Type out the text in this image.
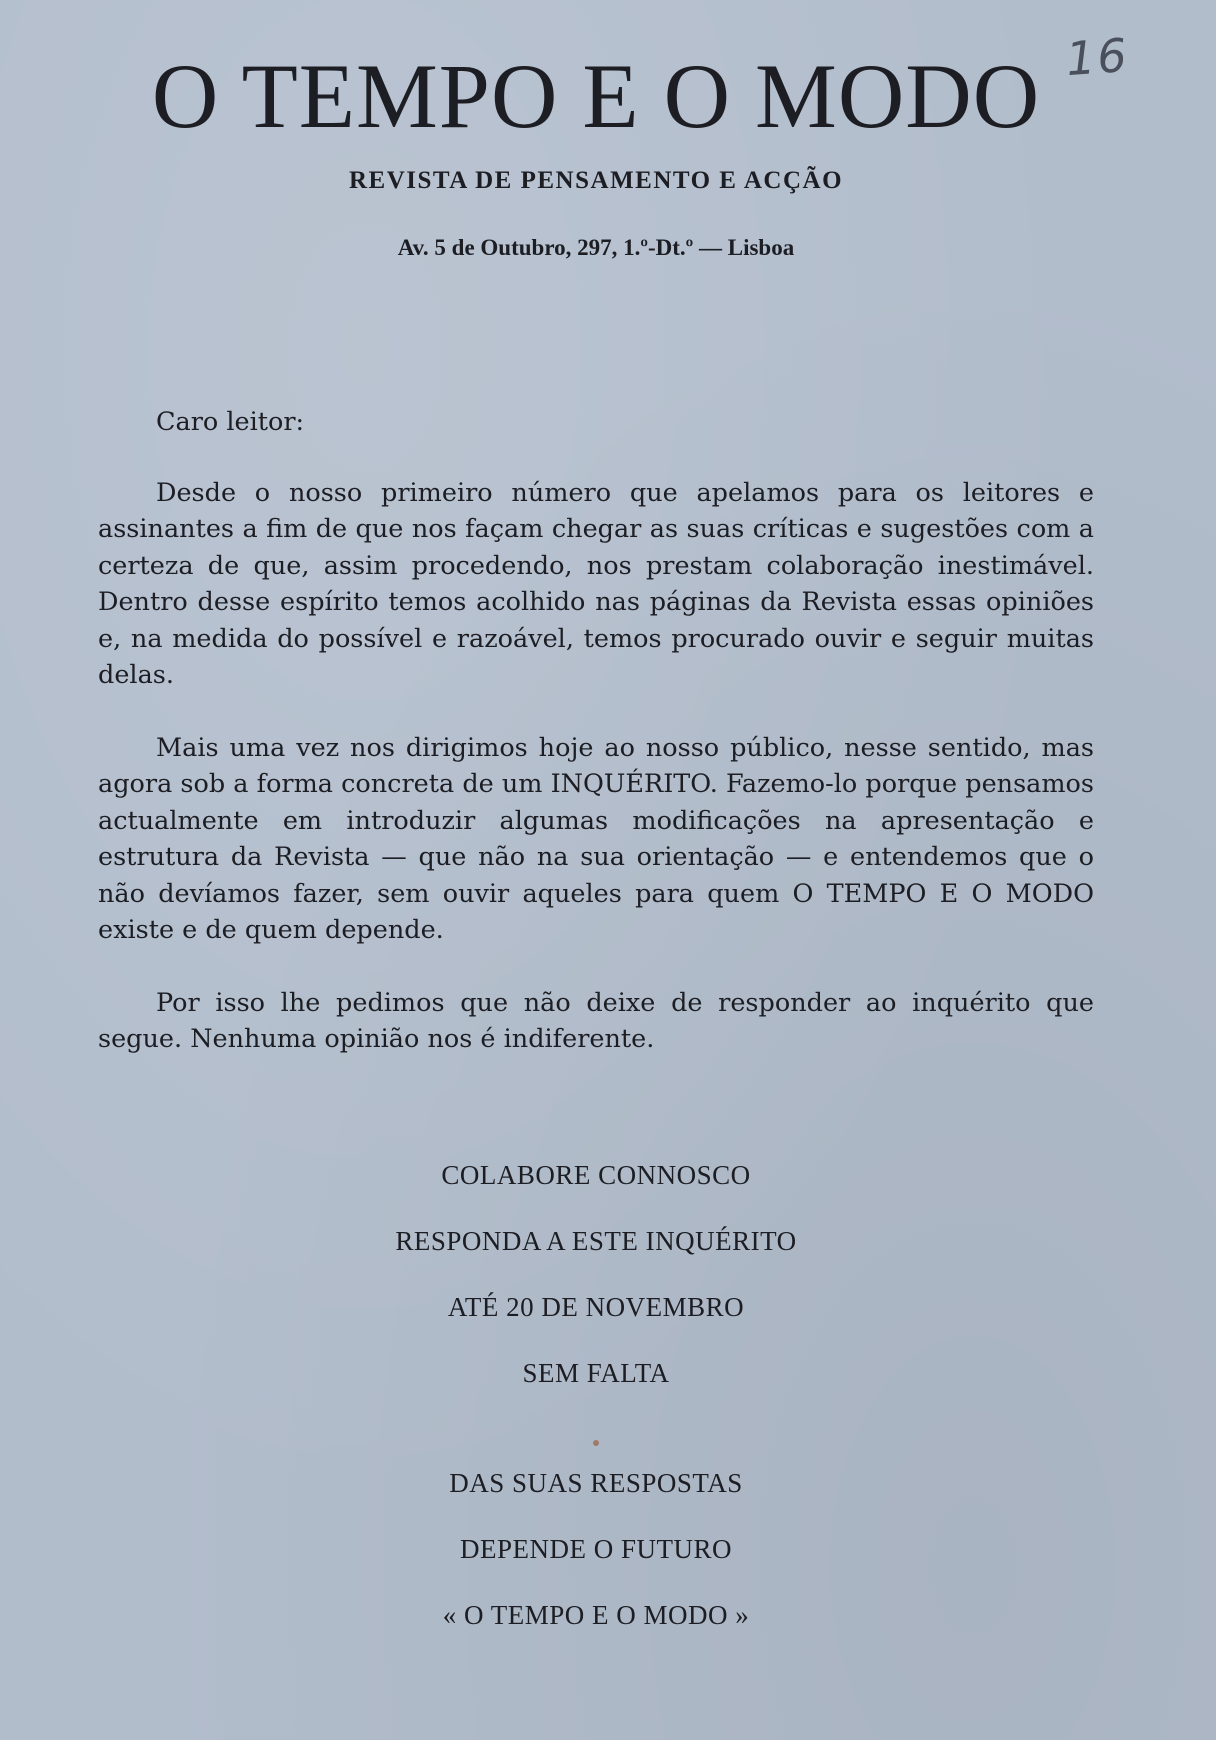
16
O TEMPO E O MODO
REVISTA DE PENSAMENTO E ACÇÃO
Av. 5 de Outubro, 297, 1.º-Dt.º — Lisboa
Caro leitor:

Desde o nosso primeiro número que apelamos para os leitores e assinantes a fim de que nos façam chegar as suas críticas e sugestões com a certeza de que, assim procedendo, nos prestam colaboração inestimável. Dentro desse espírito temos acolhido nas páginas da Revista essas opiniões e, na medida do possível e razoável, temos procurado ouvir e seguir muitas delas.

Mais uma vez nos dirigimos hoje ao nosso público, nesse sentido, mas agora sob a forma concreta de um INQUÉRITO. Fazemo-lo porque pensamos actualmente em introduzir algumas modificações na apresentação e estrutura da Revista — que não na sua orientação — e entendemos que o não devíamos fazer, sem ouvir aqueles para quem O TEMPO E O MODO existe e de quem depende.

Por isso lhe pedimos que não deixe de responder ao inquérito que segue. Nenhuma opinião nos é indiferente.

COLABORE CONNOSCO
RESPONDA A ESTE INQUÉRITO
ATÉ 20 DE NOVEMBRO
SEM FALTA
DAS SUAS RESPOSTAS
DEPENDE O FUTURO
« O TEMPO E O MODO »
